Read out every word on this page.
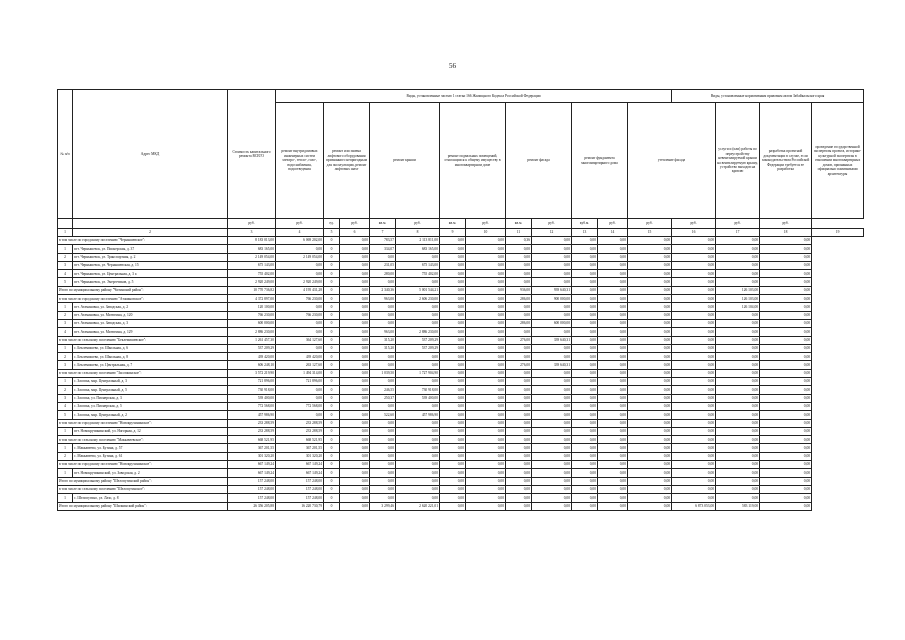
56
№ п/п	Адрес МКД	Стоимость капитального ремонта ВСЕГО	Виды, установленные частью 1 статьи 166 Жилищного Кодекса Российской Федерации												Виды, установленные нормативным правовым актом Забайкальского края				
			ремонт внутридомовых инженерных систем электро-, тепло-, газо-, водоснабжения, водоотведения	ремонт или замена лифтового оборудования признанного непригодным для эксплуатации, ремонт лифтовых шахт		ремонт крыши		ремонт подвальных помещений, относящихся к общему имуществу в многоквартирном доме		ремонт фасада		ремонт фундамента многоквартирного дома		утепление фасада		услуги и (или) работы по переустройству невентилируемой крыши на вентилируемую крышу, устройство выходов на кровлю	разработка проектной документации в случае, если законодательством Российской Федерации требуется ее разработка	проведение государственной экспертизы проекта, историко-культурной экспертизы в отношении многоквартирных домов, признанных официально памятниками архитектуры	
		руб.	руб.	ед.	руб.	кв.м.	руб.	кв.м.	руб.	кв.м.	руб.	куб.м.	руб.	руб.	руб.	руб.	руб.		
1	2	3	4	5	6	7	8	9	10	11	12	13	14	15	16	17	18	19	
в том числе по городскому поселению "Чернышевское":		8 183 013,00	6 069 202,00	0	0,00	783,57	2 113 811,00	0,00	0,00	0,36	0,00	0,00	0,00	0,00	0,00	0,00	0,00		
1	пгт. Чернышевск, ул. Пионерская, д. 37	683 165,00	0,00	0	0,00	334,07	683 165,00	0,00	0,00	0,00	0,00	0,00	0,00	0,00	0,00	0,00	0,00		
2	пгт. Чернышевск, ул. Транспортная, д. 2	2 149 054,00	2 149 054,00	0	0,00	0,00	0,00	0,00	0,00	0,00	0,00	0,00	0,00	0,00	0,00	0,00	0,00		
3	пгт. Чернышевск, ул. Чернышевская, д. 15	675 143,00	0,00	0	0,00	231,05	675 143,00	0,00	0,00	0,00	0,00	0,00	0,00	0,00	0,00	0,00	0,00		
4	пгт. Чернышевск, ул. Центральная, д. 3 а	755 402,00	0,00	0	0,00	280,00	755 402,00	0,00	0,00	0,00	0,00	0,00	0,00	0,00	0,00	0,00	0,00		
5	пгт. Чернышевск, ул. Энергетиков, д. 5	2 920 249,00	2 920 249,00	0	0,00	0,00	0,00	0,00	0,00	0,00	0,00	0,00	0,00	0,00	0,00	0,00	0,00		
Итого по муниципальному району "Читинский район":		10 770 736,82	4 195 431,28	0	0,00	2 340,36	5 001 544,21	0,00	0,00	936,00	939 640,31	0,00	0,00	0,00	0,00	126 103,00	0,00		
в том числе по городскому поселению "Атамановское":		4 372 897,00	766 230,00	0	0,00	963,00	2 606 230,00	0,00	0,00	286,00	900 000,00	0,00	0,00	0,00	0,00	126 103,00	0,00		
1	пгт. Атамановка, ул. Заводская, д. 2	120 100,00	0,00	0	0,00	0,00	0,00	0,00	0,00	0,00	0,00	0,00	0,00	0,00	0,00	126 104,00	0,00		
2	пгт. Атамановка, ул. Матюгина, д. 120	766 230,00	766 230,00	0	0,00	0,00	0,00	0,00	0,00	0,00	0,00	0,00	0,00	0,00	0,00	0,00	0,00		
3	пгт. Атамановка, ул. Заводская, д. 3	600 000,00	0,00	0	0,00	0,00	0,00	0,00	0,00	286,00	600 000,00	0,00	0,00	0,00	0,00	0,00	0,00		
4	пгт. Атамановка, ул. Матюгина, д. 129	2 886 230,00	0,00	0	0,00	963,00	2 886 230,00	0,00	0,00	0,00	0,00	0,00	0,00	0,00	0,00	0,00	0,00		
в том числе по сельскому поселению "Беклемишевское":		1 261 457,30	364 127,60	0	0,00	315,20	537 209,29	0,00	0,00	276,00	339 640,31	0,00	0,00	0,00	0,00	0,00	0,00		
1	с. Беклемишево, ул. Школьная, д. 6	537 209,29	0,00	0	0,00	315,20	537 209,29	0,00	0,00	0,00	0,00	0,00	0,00	0,00	0,00	0,00	0,00		
2	с. Беклемишево, ул. Школьная, д. 8	439 420,00	439 420,00	0	0,00	0,00	0,00	0,00	0,00	0,00	0,00	0,00	0,00	0,00	0,00	0,00	0,00		
3	с. Беклемишево, ул. Центральная, д. 7	606 248,10	263 127,60	0	0,00	0,00	0,00	0,00	0,00	276,00	339 640,31	0,00	0,00	0,00	0,00	0,00	0,00		
в том числе по сельскому поселению "Засопкинское":		3 572 219,90	1 494 314,00	0	0,00	1 039,50	1 727 904,90	0,00	0,00	0,00	0,00	0,00	0,00	0,00	0,00	0,00	0,00		
1	с. Засопка, мкр. Центральный, д. 3	721 896,00	721 896,00	0	0,00	0,00	0,00	0,00	0,00	0,00	0,00	0,00	0,00	0,00	0,00	0,00	0,00		
2	с. Засопка, мкр. Центральный, д. 5	730 918,00	0,00	0	0,00	246,55	730 918,00	0,00	0,00	0,00	0,00	0,00	0,00	0,00	0,00	0,00	0,00		
3	с. Засопка, ул. Пионерская, д. 3	539 400,00	0,00	0	0,00	250,37	539 400,00	0,00	0,00	0,00	0,00	0,00	0,00	0,00	0,00	0,00	0,00		
4	с. Засопка, ул. Пионерская, д. 5	772 568,00	772 568,00	0	0,00	0,00	0,00	0,00	0,00	0,00	0,00	0,00	0,00	0,00	0,00	0,00	0,00		
5	с. Засопка, мкр. Центральный, д. 2	457 986,90	0,00	0	0,00	522,60	457 986,90	0,00	0,00	0,00	0,00	0,00	0,00	0,00	0,00	0,00	0,00		
в том числе по городскому поселению "Новокручининское":		233 288,59	233 288,59	0	0,00	0,00	0,00	0,00	0,00	0,00	0,00	0,00	0,00	0,00	0,00	0,00	0,00		
1	пгт. Новокручининский, ул. Нагорная, д. 12	233 288,59	233 288,59	0	0,00	0,00	0,00	0,00	0,00	0,00	0,00	0,00	0,00	0,00	0,00	0,00	0,00		
в том числе по сельскому поселению "Маккавеевское":		668 521,95	668 521,95	0	0,00	0,00	0,00	0,00	0,00	0,00	0,00	0,00	0,00	0,00	0,00	0,00	0,00		
1	с. Маккавеево, ул. Бутина, д. 57	367 201,55	367 201,55	0	0,00	0,00	0,00	0,00	0,00	0,00	0,00	0,00	0,00	0,00	0,00	0,00	0,00		
2	с. Маккавеево, ул. Бутина, д. 61	301 320,20	301 320,20	0	0,00	0,00	0,00	0,00	0,00	0,00	0,00	0,00	0,00	0,00	0,00	0,00	0,00		
в том числе по городскому поселению "Новокручининское":		667 149,24	667 149,24	0	0,00	0,00	0,00	0,00	0,00	0,00	0,00	0,00	0,00	0,00	0,00	0,00	0,00		
1	пгт. Новокручининский, ул. Заводская, д. 2	667 149,24	667 149,24	0	0,00	0,00	0,00	0,00	0,00	0,00	0,00	0,00	0,00	0,00	0,00	0,00	0,00		
Итого по муниципальному району "Шелопугинский район":		157 248,00	157 248,00	0	0,00	0,00	0,00	0,00	0,00	0,00	0,00	0,00	0,00	0,00	0,00	0,00	0,00		
в том числе по сельскому поселению "Шелопугинское":		157 248,00	157 248,00	0	0,00	0,00	0,00	0,00	0,00	0,00	0,00	0,00	0,00	0,00	0,00	0,00	0,00		
1	с. Шелопугино, ул. Лазо, д. 8	157 248,00	157 248,00	0	0,00	0,00	0,00	0,00	0,00	0,00	0,00	0,00	0,00	0,00	0,00	0,00	0,00		
Итого по муниципальному району "Шилкинский район":		26 356 205,88	16 220 730,79	0	0,00	3 299,46	2 620 221,01	0,00	0,00	0,00	0,00	0,00	0,00	0,00	6 873 053,00	583 119,00	0,00		
